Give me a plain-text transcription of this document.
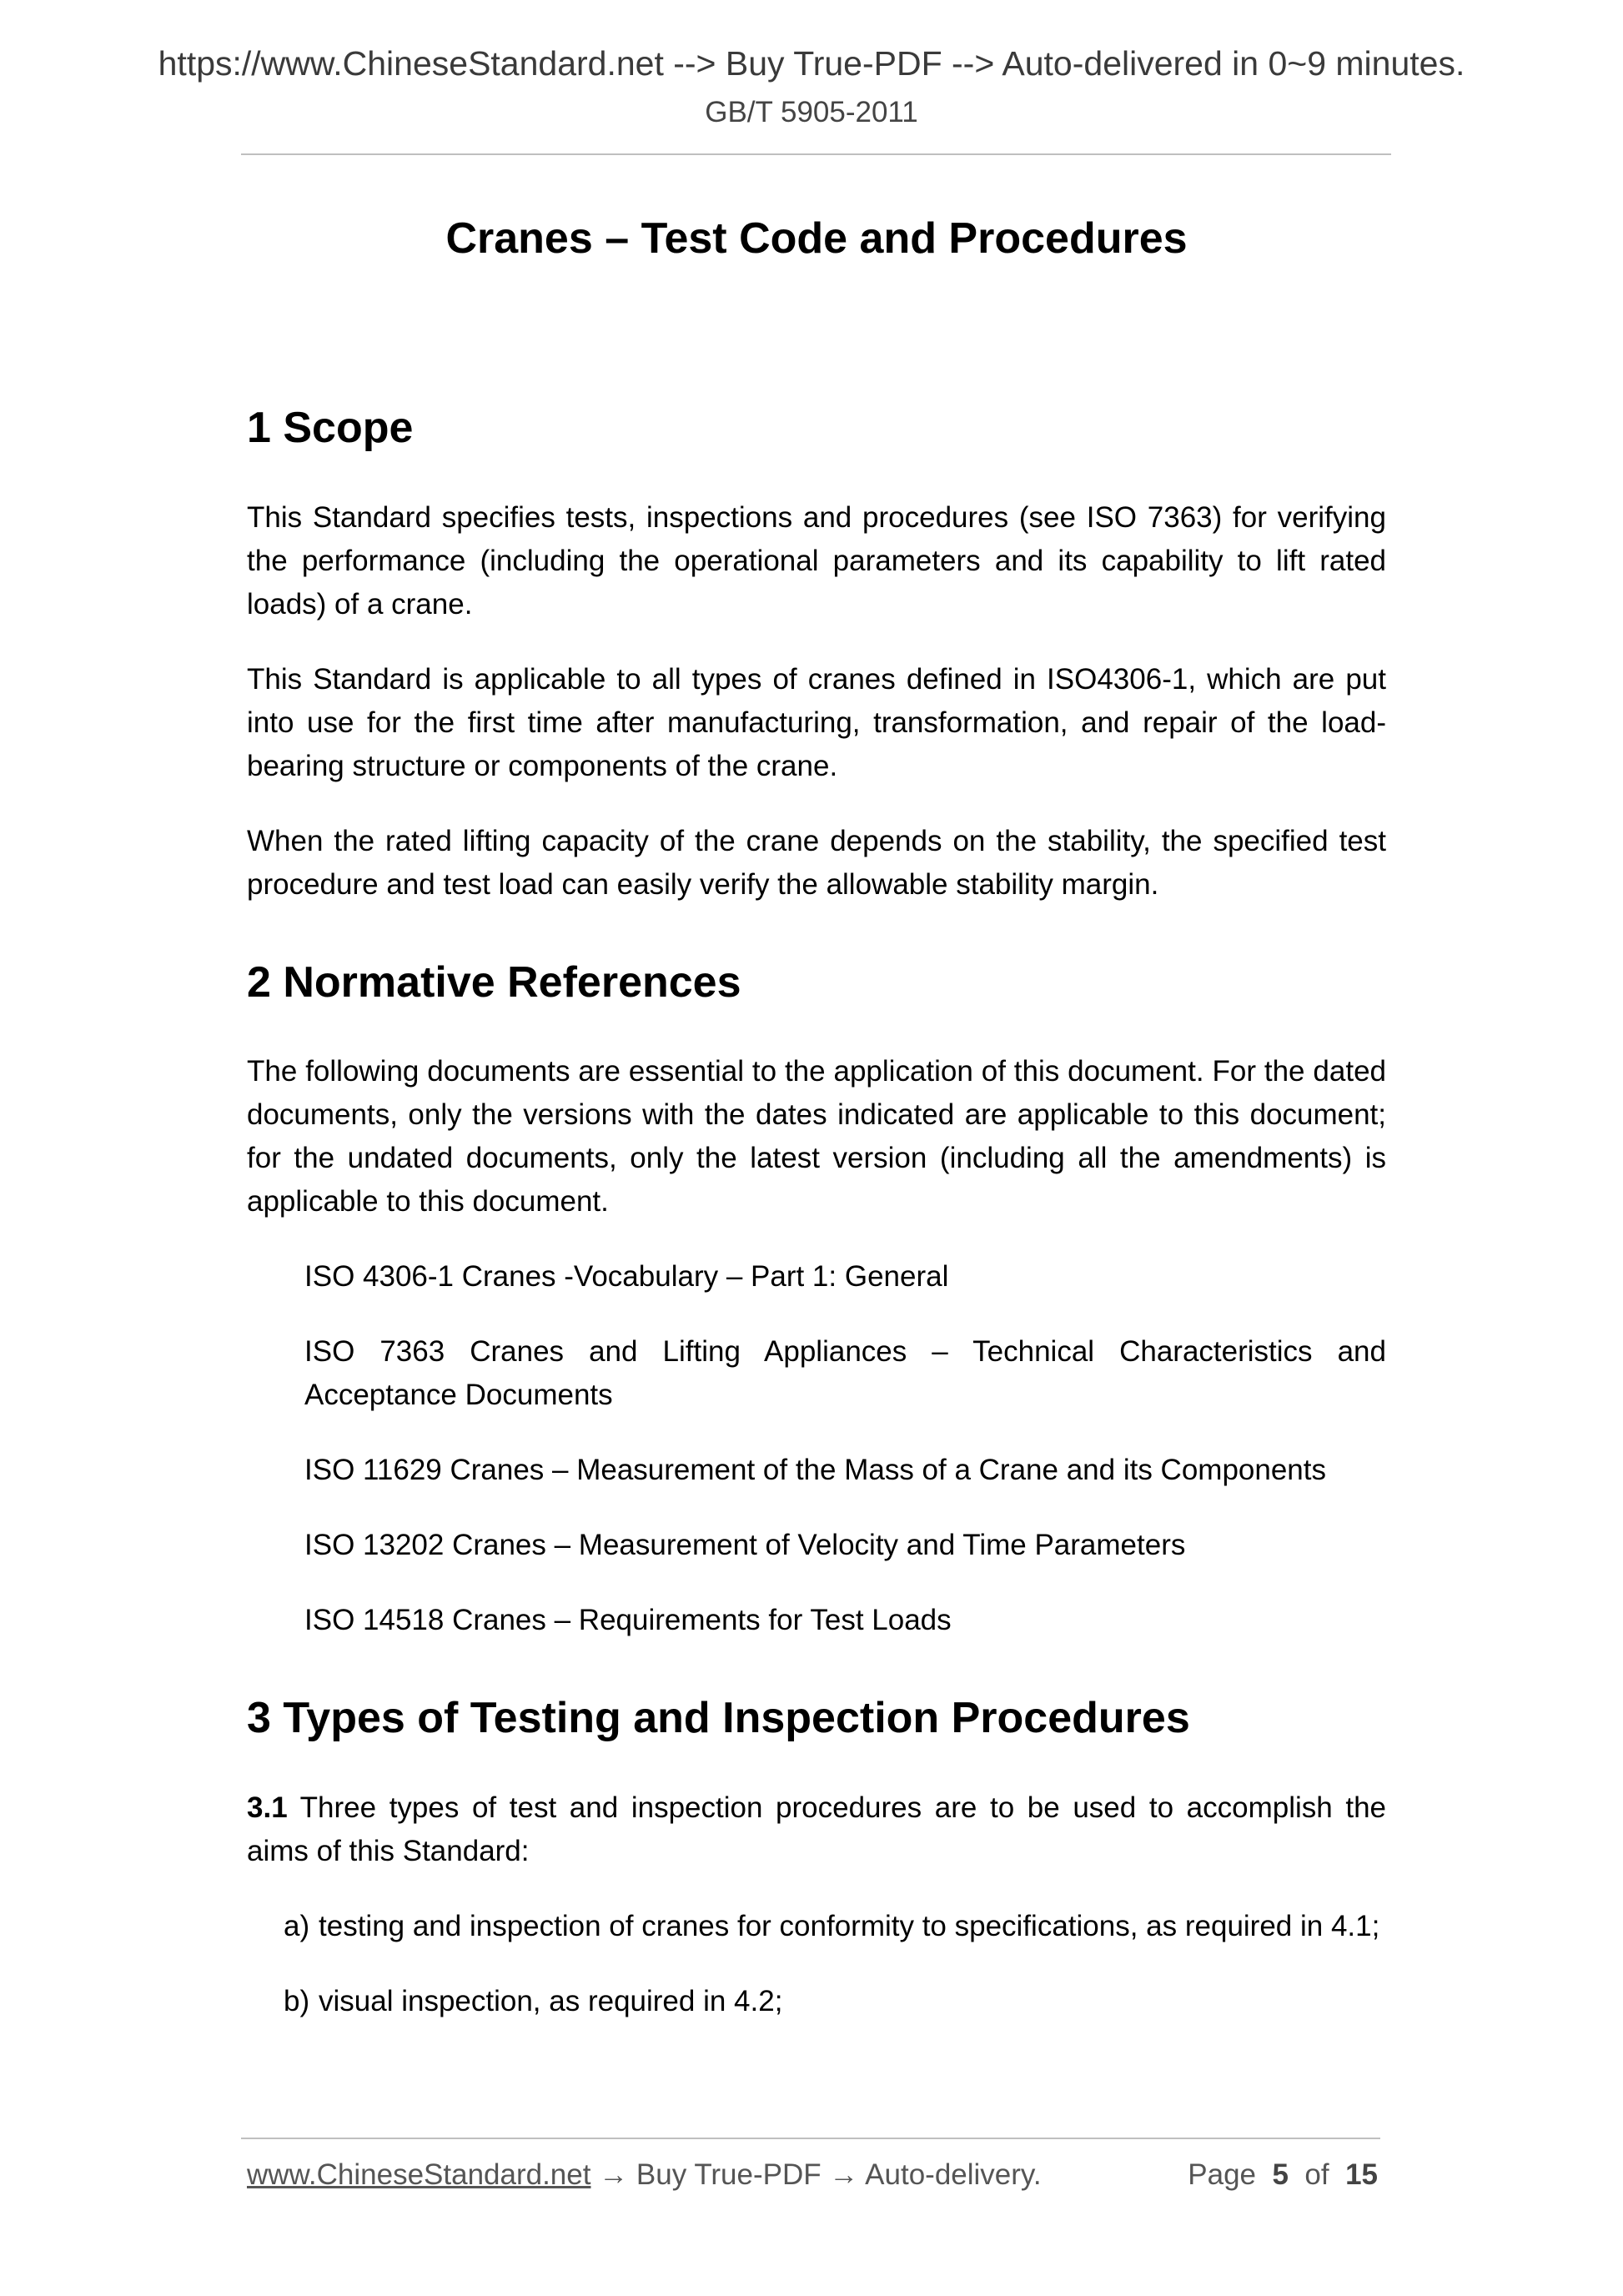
https://www.ChineseStandard.net --> Buy True-PDF --> Auto-delivered in 0~9 minutes.
GB/T 5905-2011
Cranes – Test Code and Procedures
1 Scope

This Standard specifies tests, inspections and procedures (see ISO 7363) for verifying the performance (including the operational parameters and its capability to lift rated loads) of a crane.

This Standard is applicable to all types of cranes defined in ISO4306-1, which are put into use for the first time after manufacturing, transformation, and repair of the load-bearing structure or components of the crane.

When the rated lifting capacity of the crane depends on the stability, the specified test procedure and test load can easily verify the allowable stability margin.

2 Normative References

The following documents are essential to the application of this document. For the dated documents, only the versions with the dates indicated are applicable to this document; for the undated documents, only the latest version (including all the amendments) is applicable to this document.

ISO 4306-1 Cranes -Vocabulary – Part 1: General

ISO 7363 Cranes and Lifting Appliances – Technical Characteristics and Acceptance Documents

ISO 11629 Cranes – Measurement of the Mass of a Crane and its Components

ISO 13202 Cranes – Measurement of Velocity and Time Parameters

ISO 14518 Cranes – Requirements for Test Loads

3 Types of Testing and Inspection Procedures

3.1 Three types of test and inspection procedures are to be used to accomplish the aims of this Standard:

a) testing and inspection of cranes for conformity to specifications, as required in 4.1;
b) visual inspection, as required in 4.2;
www.ChineseStandard.net → Buy True-PDF → Auto-delivery.	Page 5 of 15
